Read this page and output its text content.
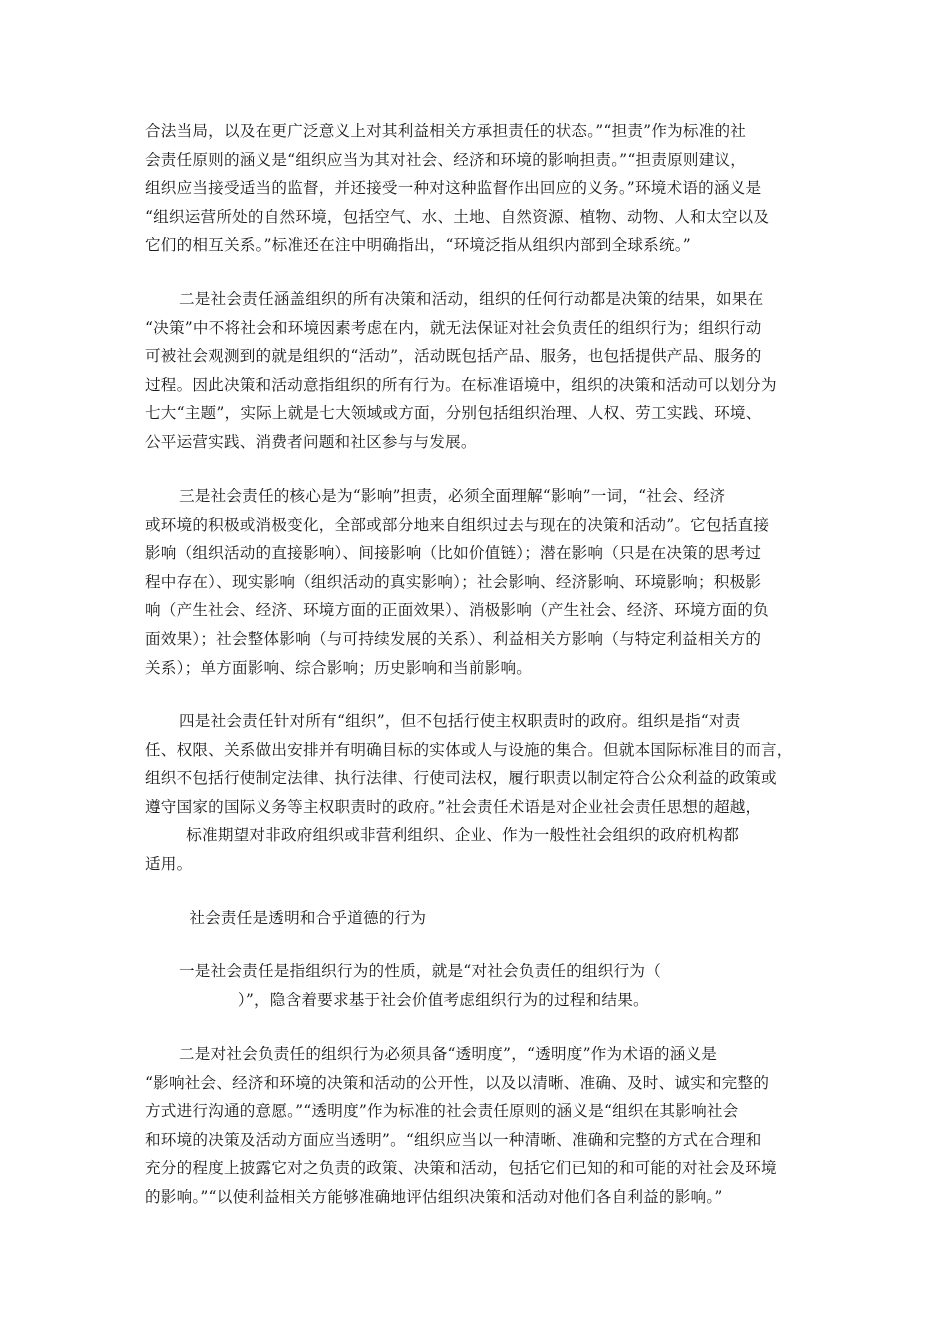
合法当局，以及在更广泛意义上对其利益相关方承担责任的状态。”“担责”作为标准的社
会责任原则的涵义是“组织应当为其对社会、经济和环境的影响担责。”“担责原则建议，
组织应当接受适当的监督，并还接受一种对这种监督作出回应的义务。”环境术语的涵义是
“组织运营所处的自然环境，包括空气、水、土地、自然资源、植物、动物、人和太空以及
它们的相互关系。”标准还在注中明确指出，“环境泛指从组织内部到全球系统。”
二是社会责任涵盖组织的所有决策和活动，组织的任何行动都是决策的结果，如果在
“决策”中不将社会和环境因素考虑在内，就无法保证对社会负责任的组织行为；组织行动
可被社会观测到的就是组织的“活动”，活动既包括产品、服务，也包括提供产品、服务的
过程。因此决策和活动意指组织的所有行为。在标准语境中，组织的决策和活动可以划分为
七大“主题”，实际上就是七大领域或方面，分别包括组织治理、人权、劳工实践、环境、
公平运营实践、消费者问题和社区参与与发展。
三是社会责任的核心是为“影响”担责，必须全面理解“影响”一词，“社会、经济
或环境的积极或消极变化，全部或部分地来自组织过去与现在的决策和活动”。它包括直接
影响（组织活动的直接影响）、间接影响（比如价值链）；潜在影响（只是在决策的思考过
程中存在）、现实影响（组织活动的真实影响）；社会影响、经济影响、环境影响；积极影
响（产生社会、经济、环境方面的正面效果）、消极影响（产生社会、经济、环境方面的负
面效果）；社会整体影响（与可持续发展的关系）、利益相关方影响（与特定利益相关方的
关系）；单方面影响、综合影响；历史影响和当前影响。
四是社会责任针对所有“组织”，但不包括行使主权职责时的政府。组织是指“对责
任、权限、关系做出安排并有明确目标的实体或人与设施的集合。但就本国际标准目的而言，
组织不包括行使制定法律、执行法律、行使司法权，履行职责以制定符合公众利益的政策或
遵守国家的国际义务等主权职责时的政府。”社会责任术语是对企业社会责任思想的超越，
标准期望对非政府组织或非营利组织、企业、作为一般性社会组织的政府机构都
适用。
社会责任是透明和合乎道德的行为
一是社会责任是指组织行为的性质，就是“对社会负责任的组织行为（
）”，隐含着要求基于社会价值考虑组织行为的过程和结果。
二是对社会负责任的组织行为必须具备“透明度”，“透明度”作为术语的涵义是
“影响社会、经济和环境的决策和活动的公开性，以及以清晰、准确、及时、诚实和完整的
方式进行沟通的意愿。”“透明度”作为标准的社会责任原则的涵义是“组织在其影响社会
和环境的决策及活动方面应当透明”。“组织应当以一种清晰、准确和完整的方式在合理和
充分的程度上披露它对之负责的政策、决策和活动，包括它们已知的和可能的对社会及环境
的影响。”“以使利益相关方能够准确地评估组织决策和活动对他们各自利益的影响。”
